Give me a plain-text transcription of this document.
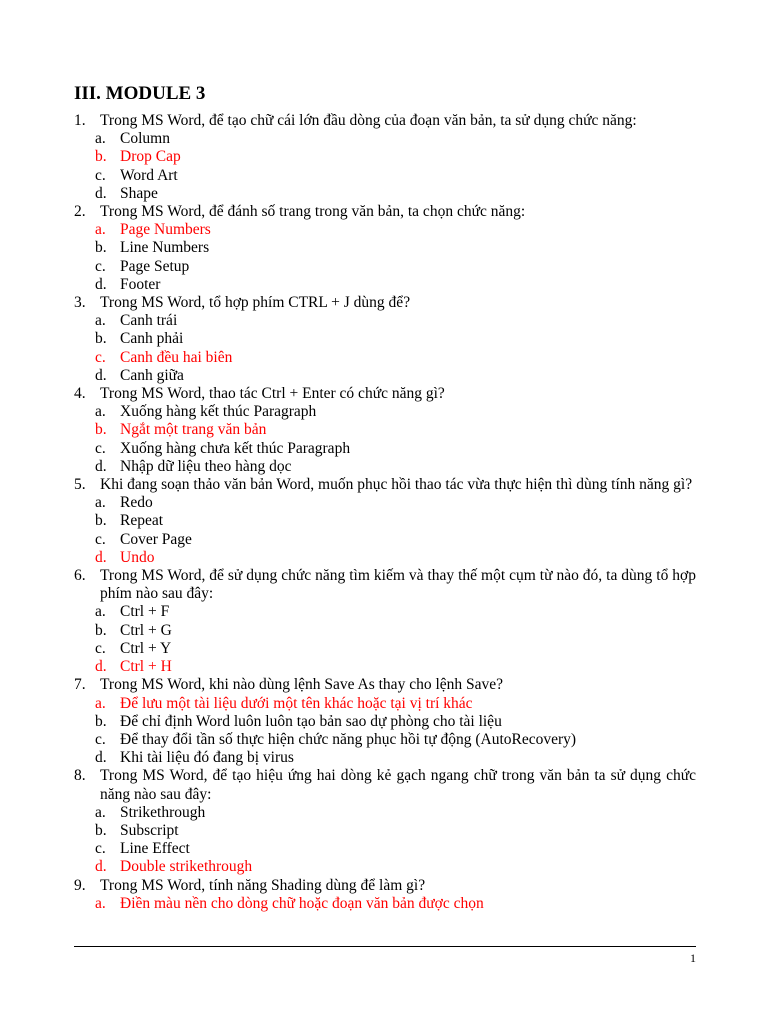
III. MODULE 3
1. Trong MS Word, để tạo chữ cái lớn đầu dòng của đoạn văn bản, ta sử dụng chức năng:
a. Column
b. Drop Cap
c. Word Art
d. Shape
2. Trong MS Word, để đánh số trang trong văn bản, ta chọn chức năng:
a. Page Numbers
b. Line Numbers
c. Page Setup
d. Footer
3. Trong MS Word, tổ hợp phím CTRL + J dùng để?
a. Canh trái
b. Canh phải
c. Canh đều hai biên
d. Canh giữa
4. Trong MS Word, thao tác Ctrl + Enter có chức năng gì?
a. Xuống hàng kết thúc Paragraph
b. Ngắt một trang văn bản
c. Xuống hàng chưa kết thúc Paragraph
d. Nhập dữ liệu theo hàng dọc
5. Khi đang soạn thảo văn bản Word, muốn phục hồi thao tác vừa thực hiện thì dùng tính năng gì?
a. Redo
b. Repeat
c. Cover Page
d. Undo
6. Trong MS Word, để sử dụng chức năng tìm kiếm và thay thế một cụm từ nào đó, ta dùng tổ hợp phím nào sau đây:
a. Ctrl + F
b. Ctrl + G
c. Ctrl + Y
d. Ctrl + H
7. Trong MS Word, khi nào dùng lệnh Save As thay cho lệnh Save?
a. Để lưu một tài liệu dưới một tên khác hoặc tại vị trí khác
b. Để chỉ định Word luôn luôn tạo bản sao dự phòng cho tài liệu
c. Để thay đổi tần số thực hiện chức năng phục hồi tự động (AutoRecovery)
d. Khi tài liệu đó đang bị virus
8. Trong MS Word, để tạo hiệu ứng hai dòng kẻ gạch ngang chữ trong văn bản ta sử dụng chức năng nào sau đây:
a. Strikethrough
b. Subscript
c. Line Effect
d. Double strikethrough
9. Trong MS Word, tính năng Shading dùng để làm gì?
a. Điền màu nền cho dòng chữ hoặc đoạn văn bản được chọn
1
